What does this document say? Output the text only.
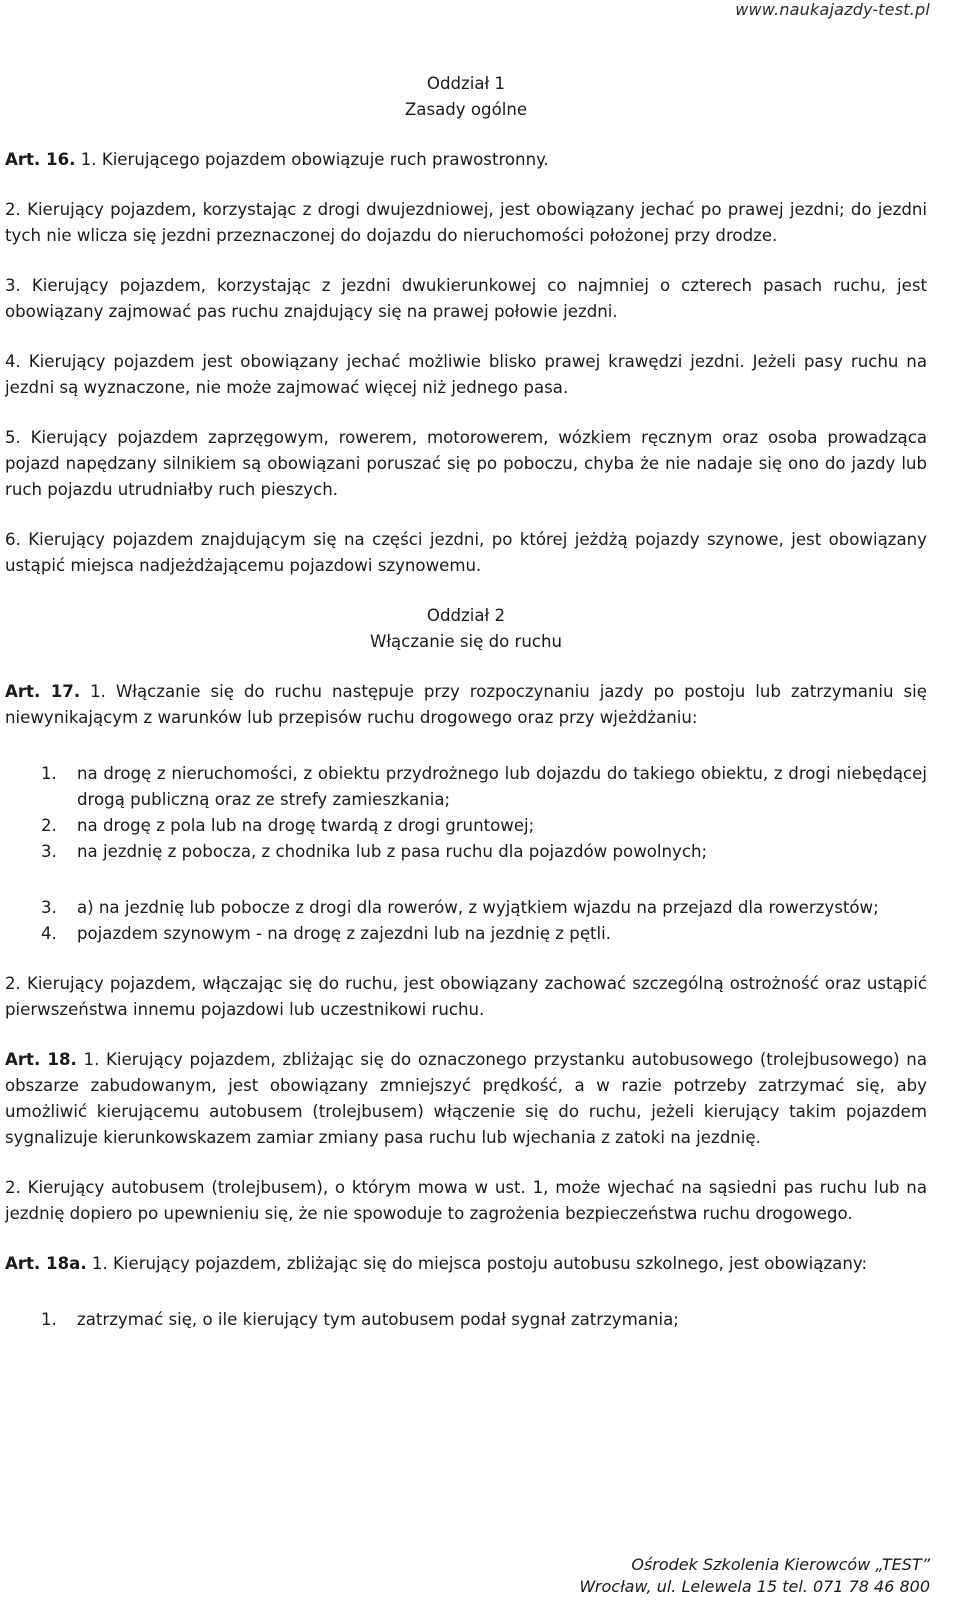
www.naukajazdy-test.pl
Oddział 1
Zasady ogólne

Art. 16. 1. Kierującego pojazdem obowiązuje ruch prawostronny.

2. Kierujący pojazdem, korzystając z drogi dwujezdniowej, jest obowiązany jechać po prawej jezdni; do jezdni tych nie wlicza się jezdni przeznaczonej do dojazdu do nieruchomości położonej przy drodze.

3. Kierujący pojazdem, korzystając z jezdni dwukierunkowej co najmniej o czterech pasach ruchu, jest obowiązany zajmować pas ruchu znajdujący się na prawej połowie jezdni.

4. Kierujący pojazdem jest obowiązany jechać możliwie blisko prawej krawędzi jezdni. Jeżeli pasy ruchu na jezdni są wyznaczone, nie może zajmować więcej niż jednego pasa.

5. Kierujący pojazdem zaprzęgowym, rowerem, motorowerem, wózkiem ręcznym oraz osoba prowadząca pojazd napędzany silnikiem są obowiązani poruszać się po poboczu, chyba że nie nadaje się ono do jazdy lub ruch pojazdu utrudniałby ruch pieszych.

6. Kierujący pojazdem znajdującym się na części jezdni, po której jeżdżą pojazdy szynowe, jest obowiązany ustąpić miejsca nadjeżdżającemu pojazdowi szynowemu.

Oddział 2
Włączanie się do ruchu

Art. 17. 1. Włączanie się do ruchu następuje przy rozpoczynaniu jazdy po postoju lub zatrzymaniu się niewynikającym z warunków lub przepisów ruchu drogowego oraz przy wjeżdżaniu:

1.	na drogę z nieruchomości, z obiektu przydrożnego lub dojazdu do takiego obiektu, z drogi niebędącej drogą publiczną oraz ze strefy zamieszkania;
2.	na drogę z pola lub na drogę twardą z drogi gruntowej;
3.	na jezdnię z pobocza, z chodnika lub z pasa ruchu dla pojazdów powolnych;
3.	a) na jezdnię lub pobocze z drogi dla rowerów, z wyjątkiem wjazdu na przejazd dla rowerzystów;
4.	pojazdem szynowym - na drogę z zajezdni lub na jezdnię z pętli.

2. Kierujący pojazdem, włączając się do ruchu, jest obowiązany zachować szczególną ostrożność oraz ustąpić pierwszeństwa innemu pojazdowi lub uczestnikowi ruchu.

Art. 18. 1. Kierujący pojazdem, zbliżając się do oznaczonego przystanku autobusowego (trolejbusowego) na obszarze zabudowanym, jest obowiązany zmniejszyć prędkość, a w razie potrzeby zatrzymać się, aby umożliwić kierującemu autobusem (trolejbusem) włączenie się do ruchu, jeżeli kierujący takim pojazdem sygnalizuje kierunkowskazem zamiar zmiany pasa ruchu lub wjechania z zatoki na jezdnię.

2. Kierujący autobusem (trolejbusem), o którym mowa w ust. 1, może wjechać na sąsiedni pas ruchu lub na jezdnię dopiero po upewnieniu się, że nie spowoduje to zagrożenia bezpieczeństwa ruchu drogowego.

Art. 18a. 1. Kierujący pojazdem, zbliżając się do miejsca postoju autobusu szkolnego, jest obowiązany:

1.	zatrzymać się, o ile kierujący tym autobusem podał sygnał zatrzymania;
Ośrodek Szkolenia Kierowców „TEST”
Wrocław, ul. Lelewela 15 tel. 071 78 46 800
